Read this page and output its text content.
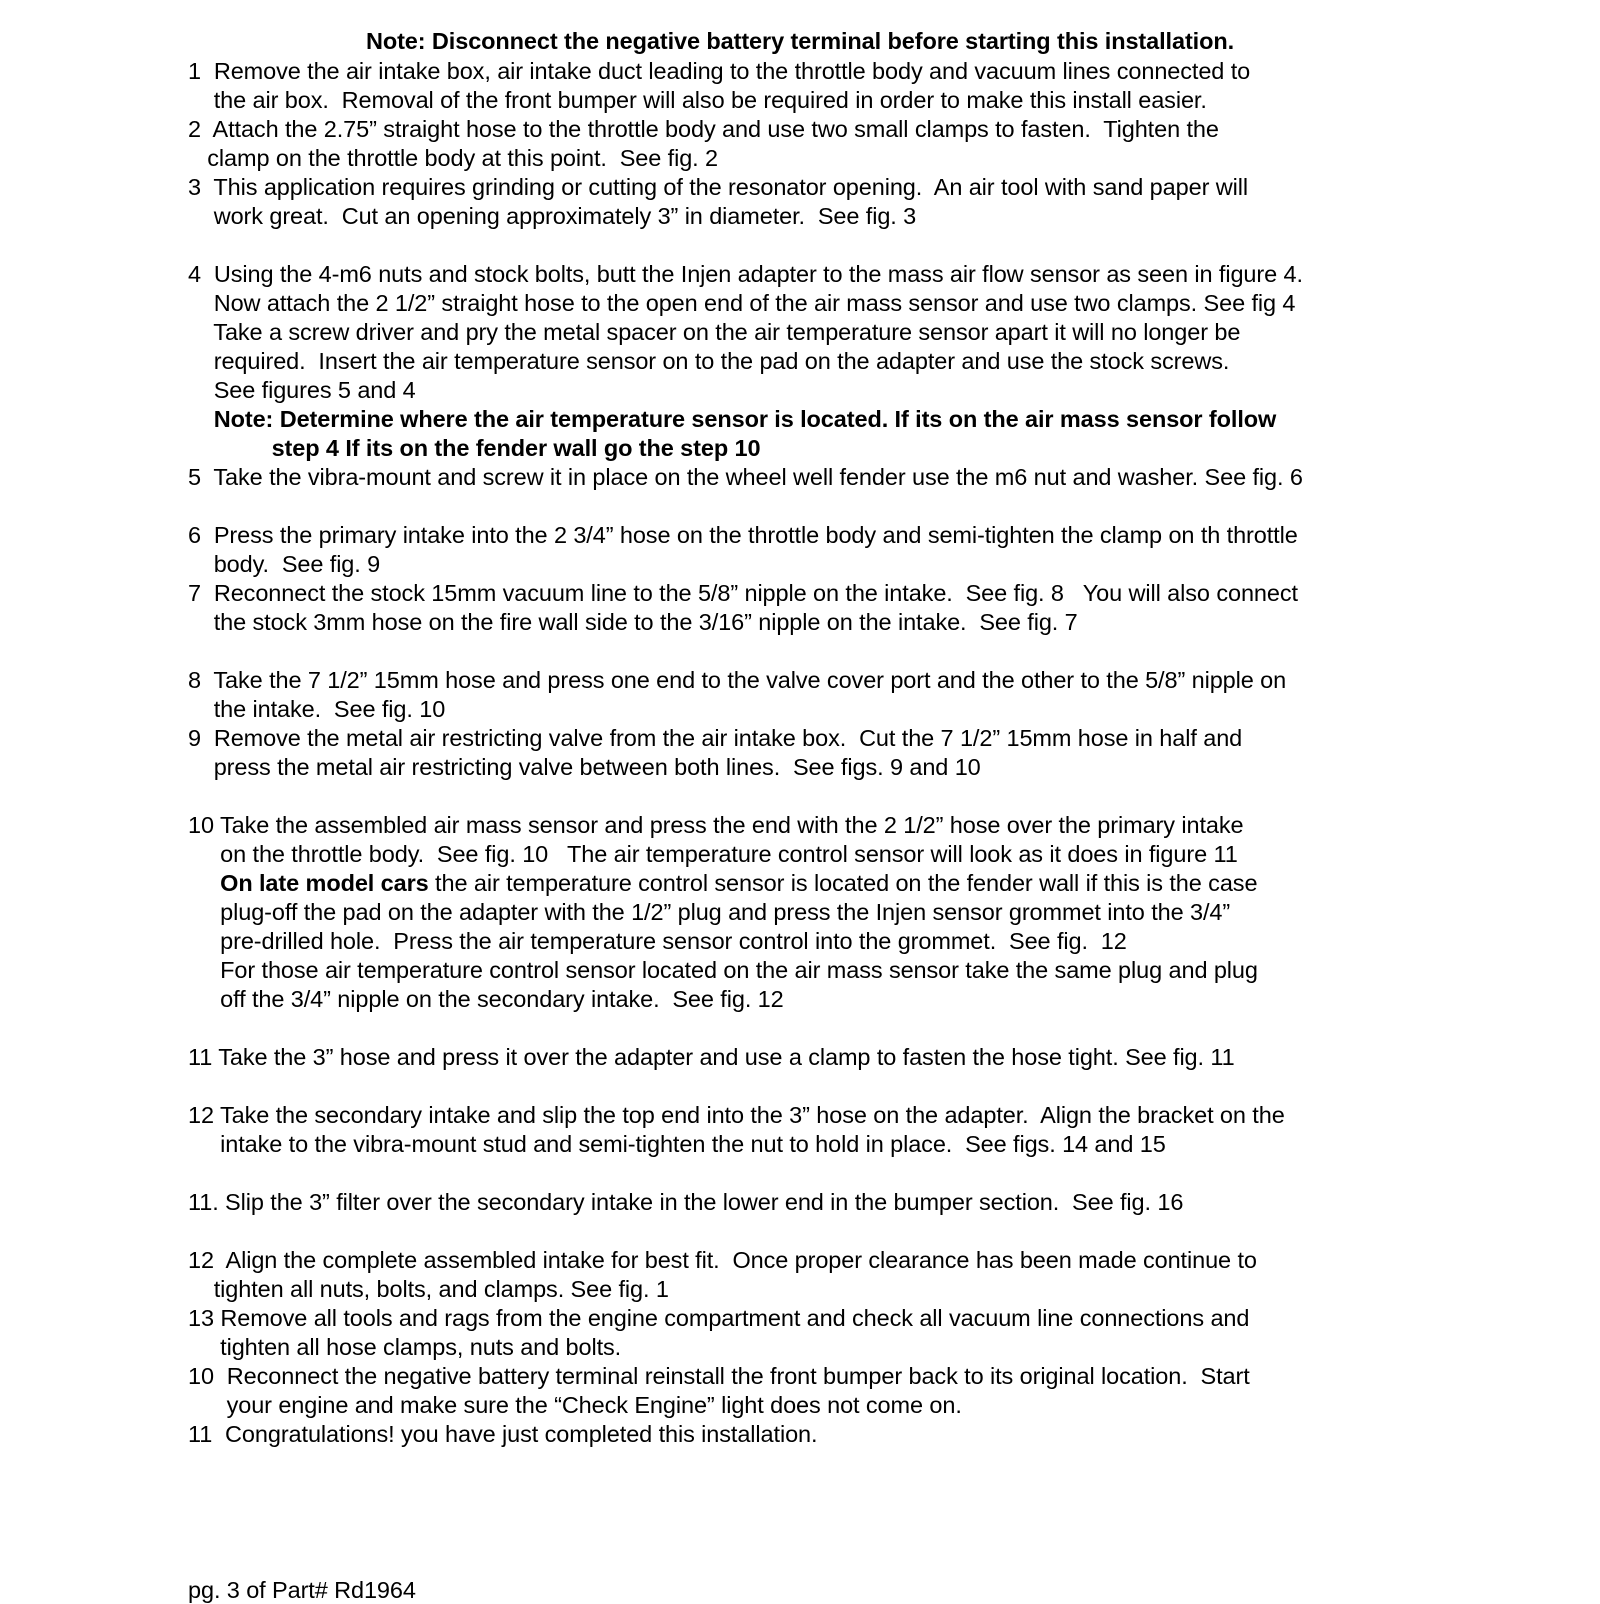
Note: Disconnect the negative battery terminal before starting this installation.
1  Remove the air intake box, air intake duct leading to the throttle body and vacuum lines connected to
the air box.  Removal of the front bumper will also be required in order to make this install easier.
2  Attach the 2.75” straight hose to the throttle body and use two small clamps to fasten.  Tighten the
clamp on the throttle body at this point.  See fig. 2
3  This application requires grinding or cutting of the resonator opening.  An air tool with sand paper will
work great.  Cut an opening approximately 3” in diameter.  See fig. 3
4  Using the 4-m6 nuts and stock bolts, butt the Injen adapter to the mass air flow sensor as seen in figure 4.
Now attach the 2 1/2” straight hose to the open end of the air mass sensor and use two clamps. See fig 4
Take a screw driver and pry the metal spacer on the air temperature sensor apart it will no longer be
required.  Insert the air temperature sensor on to the pad on the adapter and use the stock screws.
See figures 5 and 4
Note: Determine where the air temperature sensor is located. If its on the air mass sensor follow
step 4 If its on the fender wall go the step 10
5  Take the vibra-mount and screw it in place on the wheel well fender use the m6 nut and washer. See fig. 6
6  Press the primary intake into the 2 3/4” hose on the throttle body and semi-tighten the clamp on th throttle
body.  See fig. 9
7  Reconnect the stock 15mm vacuum line to the 5/8” nipple on the intake.  See fig. 8   You will also connect
the stock 3mm hose on the fire wall side to the 3/16” nipple on the intake.  See fig. 7
8  Take the 7 1/2” 15mm hose and press one end to the valve cover port and the other to the 5/8” nipple on
the intake.  See fig. 10
9  Remove the metal air restricting valve from the air intake box.  Cut the 7 1/2” 15mm hose in half and
press the metal air restricting valve between both lines.  See figs. 9 and 10
10 Take the assembled air mass sensor and press the end with the 2 1/2” hose over the primary intake
on the throttle body.  See fig. 10   The air temperature control sensor will look as it does in figure 11
On late model cars the air temperature control sensor is located on the fender wall if this is the case
plug-off the pad on the adapter with the 1/2” plug and press the Injen sensor grommet into the 3/4”
pre-drilled hole.  Press the air temperature sensor control into the grommet.  See fig.  12
For those air temperature control sensor located on the air mass sensor take the same plug and plug
off the 3/4” nipple on the secondary intake.  See fig. 12
11 Take the 3” hose and press it over the adapter and use a clamp to fasten the hose tight. See fig. 11
12 Take the secondary intake and slip the top end into the 3” hose on the adapter.  Align the bracket on the
intake to the vibra-mount stud and semi-tighten the nut to hold in place.  See figs. 14 and 15
11. Slip the 3” filter over the secondary intake in the lower end in the bumper section.  See fig. 16
12  Align the complete assembled intake for best fit.  Once proper clearance has been made continue to
tighten all nuts, bolts, and clamps. See fig. 1
13 Remove all tools and rags from the engine compartment and check all vacuum line connections and
tighten all hose clamps, nuts and bolts.
10  Reconnect the negative battery terminal reinstall the front bumper back to its original location.  Start
your engine and make sure the “Check Engine” light does not come on.
11  Congratulations! you have just completed this installation.
pg. 3 of Part# Rd1964
